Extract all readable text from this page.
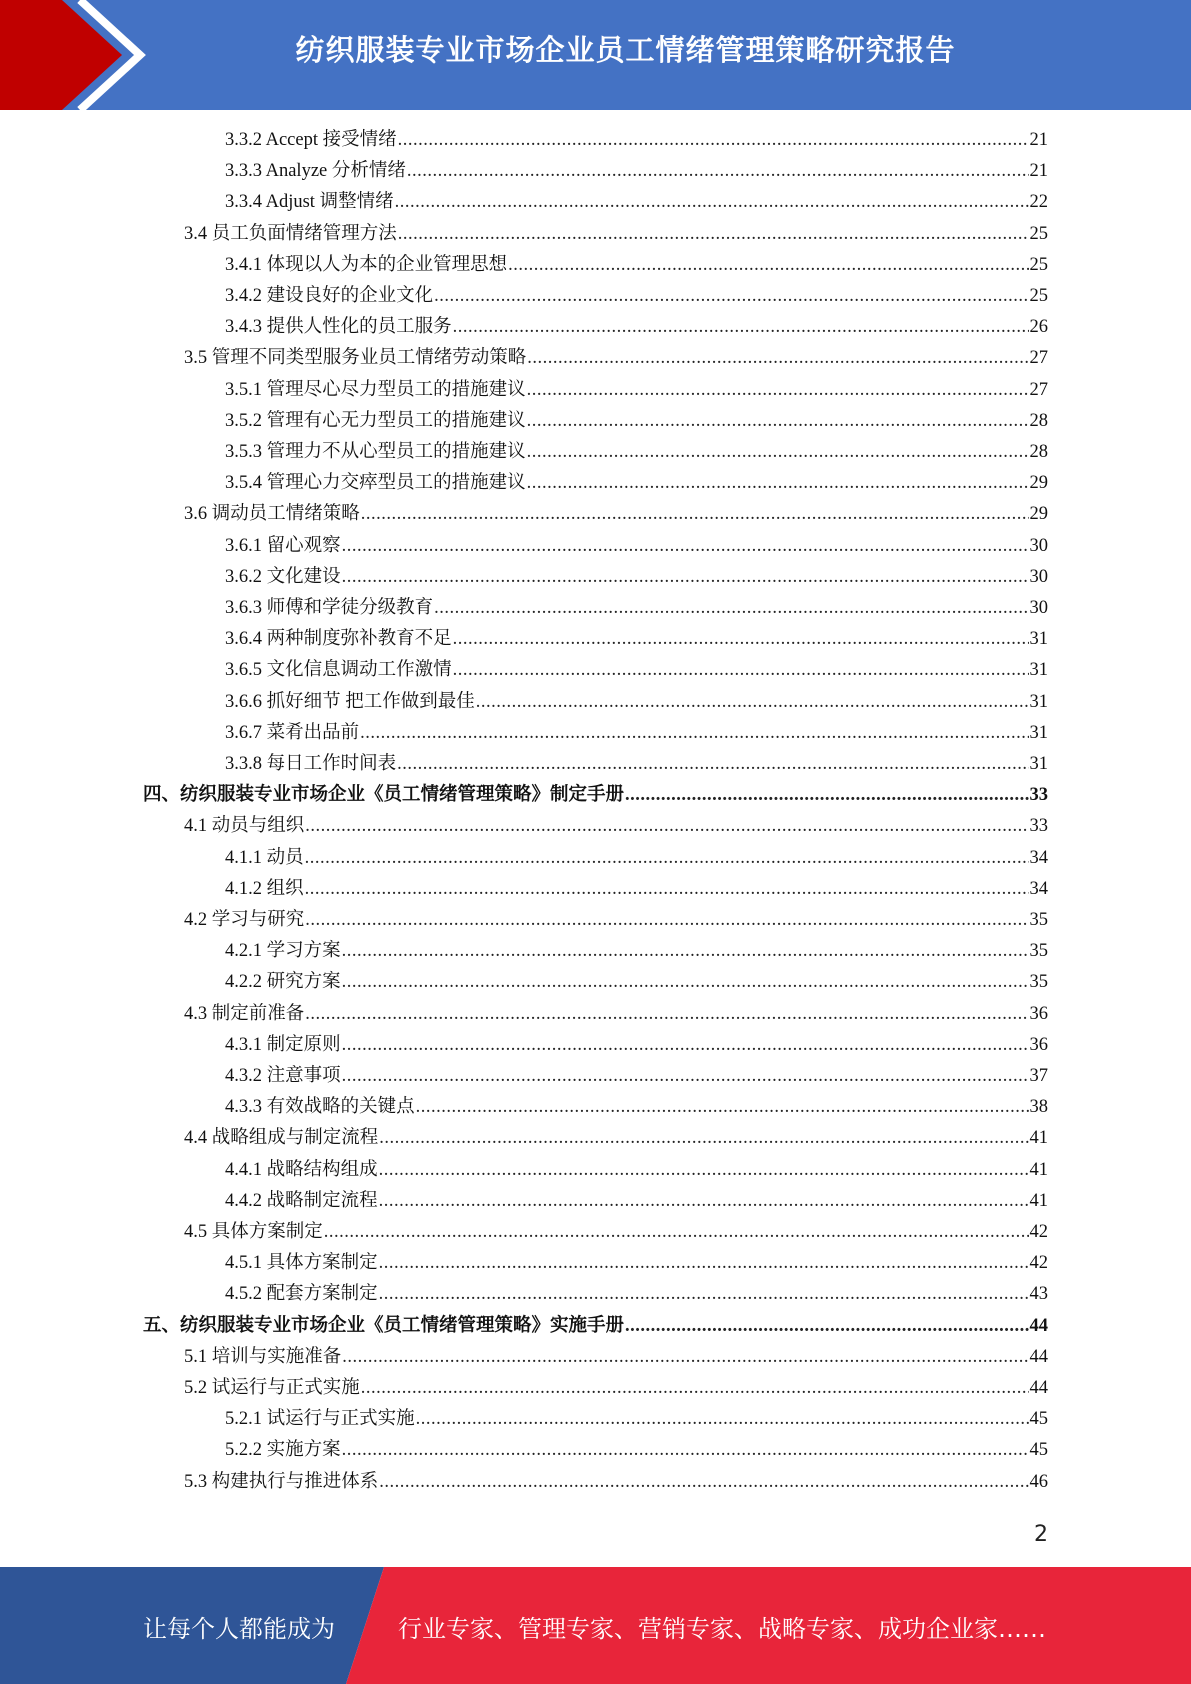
纺织服装专业市场企业员工情绪管理策略研究报告
3.3.2 Accept 接受情绪 .....	21
3.3.3 Analyze 分析情绪 .....	21
3.3.4 Adjust 调整情绪 .....	22
3.4 员工负面情绪管理方法 .....	25
3.4.1 体现以人为本的企业管理思想 .....	25
3.4.2 建设良好的企业文化 .....	25
3.4.3 提供人性化的员工服务 .....	26
3.5 管理不同类型服务业员工情绪劳动策略 .....	27
3.5.1 管理尽心尽力型员工的措施建议 .....	27
3.5.2 管理有心无力型员工的措施建议 .....	28
3.5.3 管理力不从心型员工的措施建议 .....	28
3.5.4 管理心力交瘁型员工的措施建议 .....	29
3.6 调动员工情绪策略 .....	29
3.6.1 留心观察 .....	30
3.6.2 文化建设 .....	30
3.6.3 师傅和学徒分级教育 .....	30
3.6.4 两种制度弥补教育不足 .....	31
3.6.5 文化信息调动工作激情 .....	31
3.6.6 抓好细节 把工作做到最佳 .....	31
3.6.7 菜肴出品前 .....	31
3.3.8 每日工作时间表 .....	31
四、纺织服装专业市场企业《员工情绪管理策略》制定手册 .....	33
4.1 动员与组织 .....	33
4.1.1 动员 .....	34
4.1.2 组织 .....	34
4.2 学习与研究 .....	35
4.2.1 学习方案 .....	35
4.2.2 研究方案 .....	35
4.3 制定前准备 .....	36
4.3.1 制定原则 .....	36
4.3.2 注意事项 .....	37
4.3.3 有效战略的关键点 .....	38
4.4 战略组成与制定流程 .....	41
4.4.1 战略结构组成 .....	41
4.4.2 战略制定流程 .....	41
4.5 具体方案制定 .....	42
4.5.1 具体方案制定 .....	42
4.5.2 配套方案制定 .....	43
五、纺织服装专业市场企业《员工情绪管理策略》实施手册 .....	44
5.1 培训与实施准备 .....	44
5.2 试运行与正式实施 .....	44
5.2.1 试运行与正式实施 .....	45
5.2.2 实施方案 .....	45
5.3 构建执行与推进体系 .....	46
2
让每个人都能成为	行业专家、管理专家、营销专家、战略专家、成功企业家……
